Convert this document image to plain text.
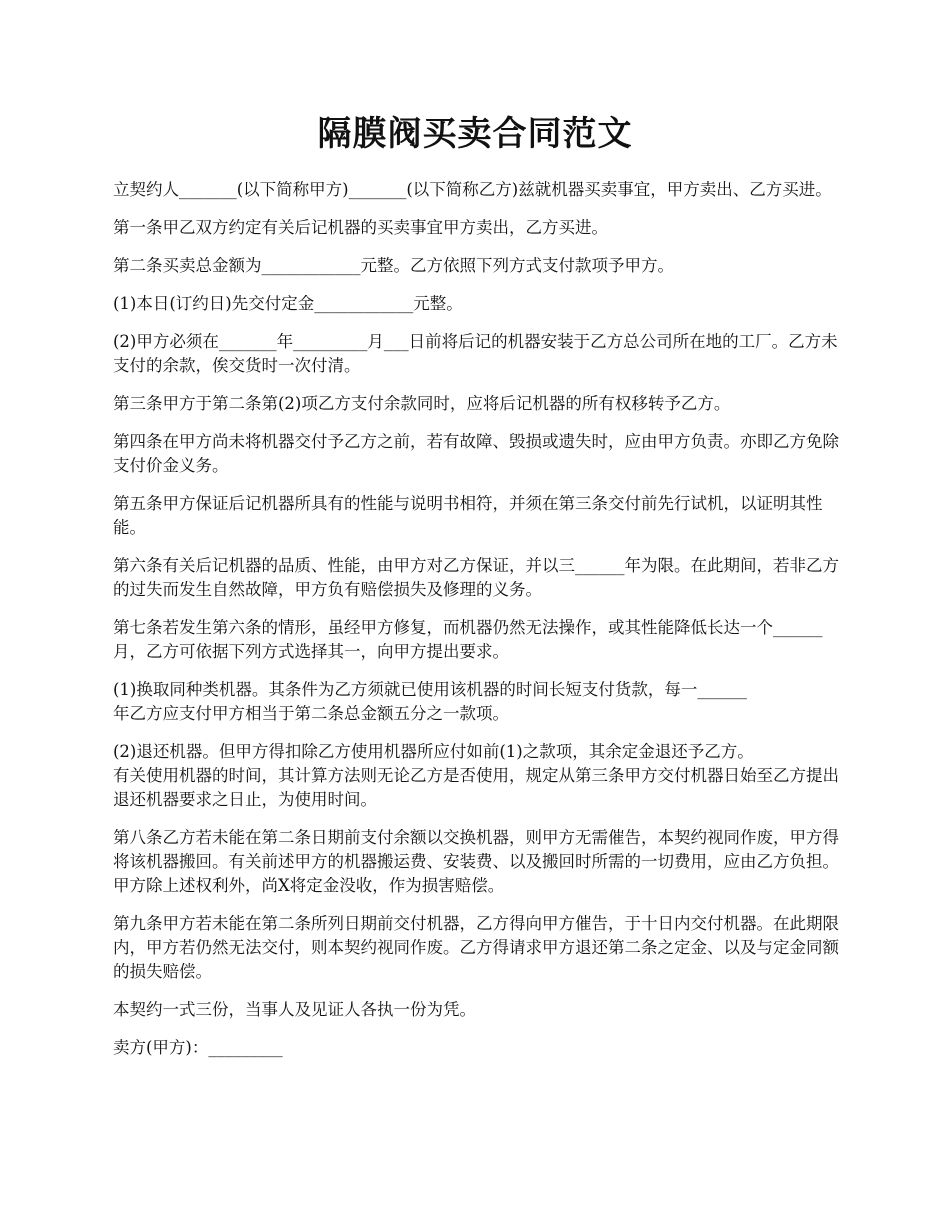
隔膜阀买卖合同范文

立契约人_______(以下简称甲方)_______(以下简称乙方)兹就机器买卖事宜，甲方卖出、乙方买进。

第一条甲乙双方约定有关后记机器的买卖事宜甲方卖出，乙方买进。

第二条买卖总金额为____________元整。乙方依照下列方式支付款项予甲方。

(1)本日(订约日)先交付定金____________元整。

(2)甲方必须在_______年_________月___日前将后记的机器安装于乙方总公司所在地的工厂。乙方未支付的余款，俟交货时一次付清。

第三条甲方于第二条第(2)项乙方支付余款同时，应将后记机器的所有权移转予乙方。

第四条在甲方尚未将机器交付予乙方之前，若有故障、毁损或遗失时，应由甲方负责。亦即乙方免除支付价金义务。

第五条甲方保证后记机器所具有的性能与说明书相符，并须在第三条交付前先行试机，以证明其性能。

第六条有关后记机器的品质、性能，由甲方对乙方保证，并以三______年为限。在此期间，若非乙方的过失而发生自然故障，甲方负有赔偿损失及修理的义务。

第七条若发生第六条的情形，虽经甲方修复，而机器仍然无法操作，或其性能降低长达一个______月，乙方可依据下列方式选择其一，向甲方提出要求。

(1)换取同种类机器。其条件为乙方须就已使用该机器的时间长短支付货款，每一______
年乙方应支付甲方相当于第二条总金额五分之一款项。

(2)退还机器。但甲方得扣除乙方使用机器所应付如前(1)之款项，其余定金退还予乙方。
有关使用机器的时间，其计算方法则无论乙方是否使用，规定从第三条甲方交付机器日始至乙方提出退还机器要求之日止，为使用时间。

第八条乙方若未能在第二条日期前支付余额以交换机器，则甲方无需催告，本契约视同作废，甲方得将该机器搬回。有关前述甲方的机器搬运费、安装费、以及搬回时所需的一切费用，应由乙方负担。甲方除上述权利外，尚X将定金没收，作为损害赔偿。

第九条甲方若未能在第二条所列日期前交付机器，乙方得向甲方催告，于十日内交付机器。在此期限内，甲方若仍然无法交付，则本契约视同作废。乙方得请求甲方退还第二条之定金、以及与定金同额的损失赔偿。

本契约一式三份，当事人及见证人各执一份为凭。

卖方(甲方)：_________
